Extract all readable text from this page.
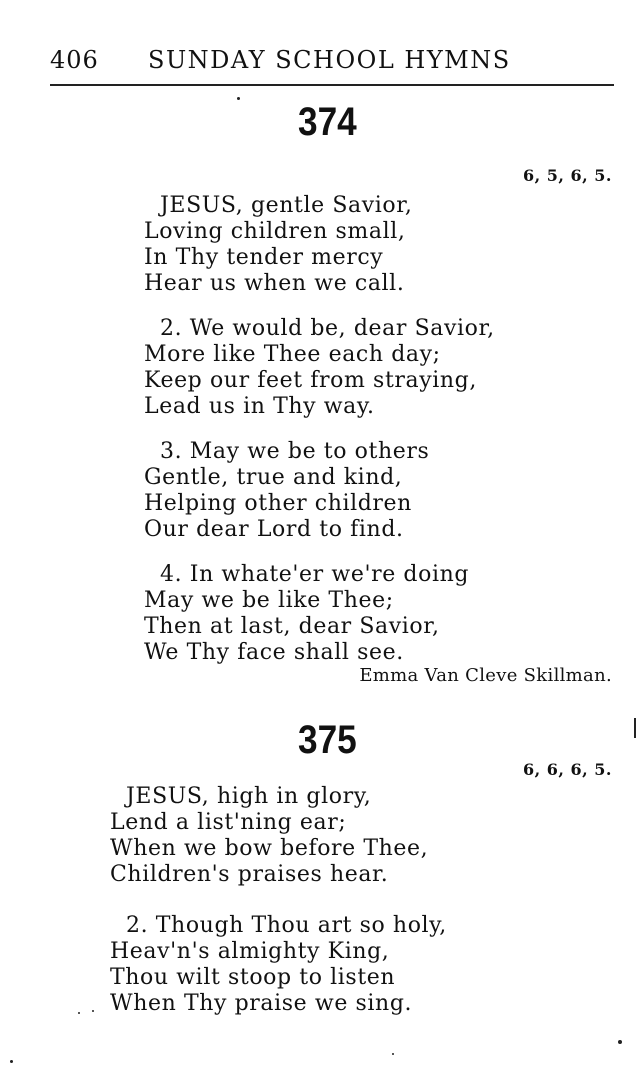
406 SUNDAY SCHOOL HYMNS
374
6, 5, 6, 5.
JESUS, gentle Savior,
Loving children small,
In Thy tender mercy
Hear us when we call.
2. We would be, dear Savior,
More like Thee each day;
Keep our feet from straying,
Lead us in Thy way.
3. May we be to others
Gentle, true and kind,
Helping other children
Our dear Lord to find.
4. In whate'er we're doing
May we be like Thee;
Then at last, dear Savior,
We Thy face shall see.
Emma Van Cleve Skillman.
375
6, 6, 6, 5.
JESUS, high in glory,
Lend a list'ning ear;
When we bow before Thee,
Children's praises hear.
2. Though Thou art so holy,
Heav'n's almighty King,
Thou wilt stoop to listen
When Thy praise we sing.
